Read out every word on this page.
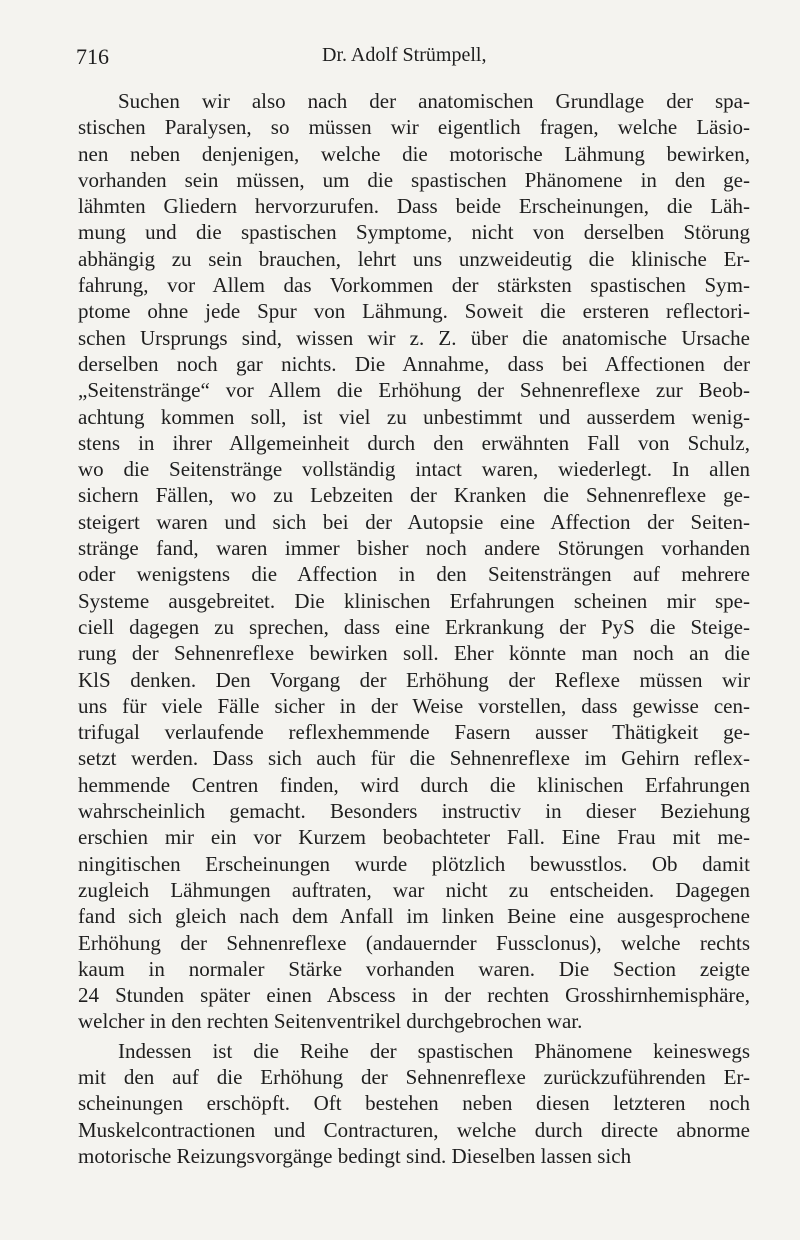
716	Dr. Adolf Strümpell,
Suchen wir also nach der anatomischen Grundlage der spa-
stischen Paralysen, so müssen wir eigentlich fragen, welche Läsio-
nen neben denjenigen, welche die motorische Lähmung bewirken,
vorhanden sein müssen, um die spastischen Phänomene in den ge-
lähmten Gliedern hervorzurufen. Dass beide Erscheinungen, die Läh-
mung und die spastischen Symptome, nicht von derselben Störung
abhängig zu sein brauchen, lehrt uns unzweideutig die klinische Er-
fahrung, vor Allem das Vorkommen der stärksten spastischen Sym-
ptome ohne jede Spur von Lähmung. Soweit die ersteren reflectori-
schen Ursprungs sind, wissen wir z. Z. über die anatomische Ursache
derselben noch gar nichts. Die Annahme, dass bei Affectionen der
„Seitenstränge“ vor Allem die Erhöhung der Sehnenreflexe zur Beob-
achtung kommen soll, ist viel zu unbestimmt und ausserdem wenig-
stens in ihrer Allgemeinheit durch den erwähnten Fall von Schulz,
wo die Seitenstränge vollständig intact waren, wiederlegt. In allen
sichern Fällen, wo zu Lebzeiten der Kranken die Sehnenreflexe ge-
steigert waren und sich bei der Autopsie eine Affection der Seiten-
stränge fand, waren immer bisher noch andere Störungen vorhanden
oder wenigstens die Affection in den Seitensträngen auf mehrere
Systeme ausgebreitet. Die klinischen Erfahrungen scheinen mir spe-
ciell dagegen zu sprechen, dass eine Erkrankung der PyS die Steige-
rung der Sehnenreflexe bewirken soll. Eher könnte man noch an die
KlS denken. Den Vorgang der Erhöhung der Reflexe müssen wir
uns für viele Fälle sicher in der Weise vorstellen, dass gewisse cen-
trifugal verlaufende reflexhemmende Fasern ausser Thätigkeit ge-
setzt werden. Dass sich auch für die Sehnenreflexe im Gehirn reflex-
hemmende Centren finden, wird durch die klinischen Erfahrungen
wahrscheinlich gemacht. Besonders instructiv in dieser Beziehung
erschien mir ein vor Kurzem beobachteter Fall. Eine Frau mit me-
ningitischen Erscheinungen wurde plötzlich bewusstlos. Ob damit
zugleich Lähmungen auftraten, war nicht zu entscheiden. Dagegen
fand sich gleich nach dem Anfall im linken Beine eine ausgesprochene
Erhöhung der Sehnenreflexe (andauernder Fussclonus), welche rechts
kaum in normaler Stärke vorhanden waren. Die Section zeigte
24 Stunden später einen Abscess in der rechten Grosshirnhemisphäre,
welcher in den rechten Seitenventrikel durchgebrochen war.
Indessen ist die Reihe der spastischen Phänomene keineswegs
mit den auf die Erhöhung der Sehnenreflexe zurückzuführenden Er-
scheinungen erschöpft. Oft bestehen neben diesen letzteren noch
Muskelcontractionen und Contracturen, welche durch directe abnorme
motorische Reizungsvorgänge bedingt sind. Dieselben lassen sich
